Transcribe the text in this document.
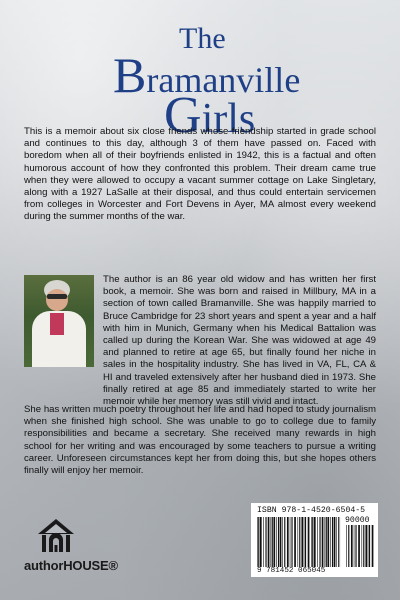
The
Bramanville
Girls

This is a memoir about six close friends whose friendship started in grade school and continues to this day, although 3 of them have passed on. Faced with boredom when all of their boyfriends enlisted in 1942, this is a factual and often humorous account of how they confronted this problem. Their dream came true when they were allowed to occupy a vacant summer cottage on Lake Singletary, along with a 1927 LaSalle at their disposal, and thus could entertain servicemen from colleges in Worcester and Fort Devens in Ayer, MA almost every weekend during the summer months of the war.

The author is an 86 year old widow and has written her first book, a memoir. She was born and raised in Millbury, MA in a section of town called Bramanville. She was happily married to Bruce Cambridge for 23 short years and spent a year and a half with him in Munich, Germany when his Medical Battalion was called up during the Korean War. She was widowed at age 49 and planned to retire at age 65, but finally found her niche in sales in the hospitality industry. She has lived in VA, FL, CA & HI and traveled extensively after her husband died in 1973. She finally retired at age 85 and immediately started to write her memoir while her memory was still vivid and intact.

She has written much poetry throughout her life and had hoped to study journalism when she finished high school. She was unable to go to college due to family responsibilities and became a secretary. She received many rewards in high school for her writing and was encouraged by some teachers to pursue a writing career. Unforeseen circumstances kept her from doing this, but she hopes others finally will enjoy her memoir.

authorHOUSE®
ISBN 978-1-4520-6504-5
90000
9 781452 065045
